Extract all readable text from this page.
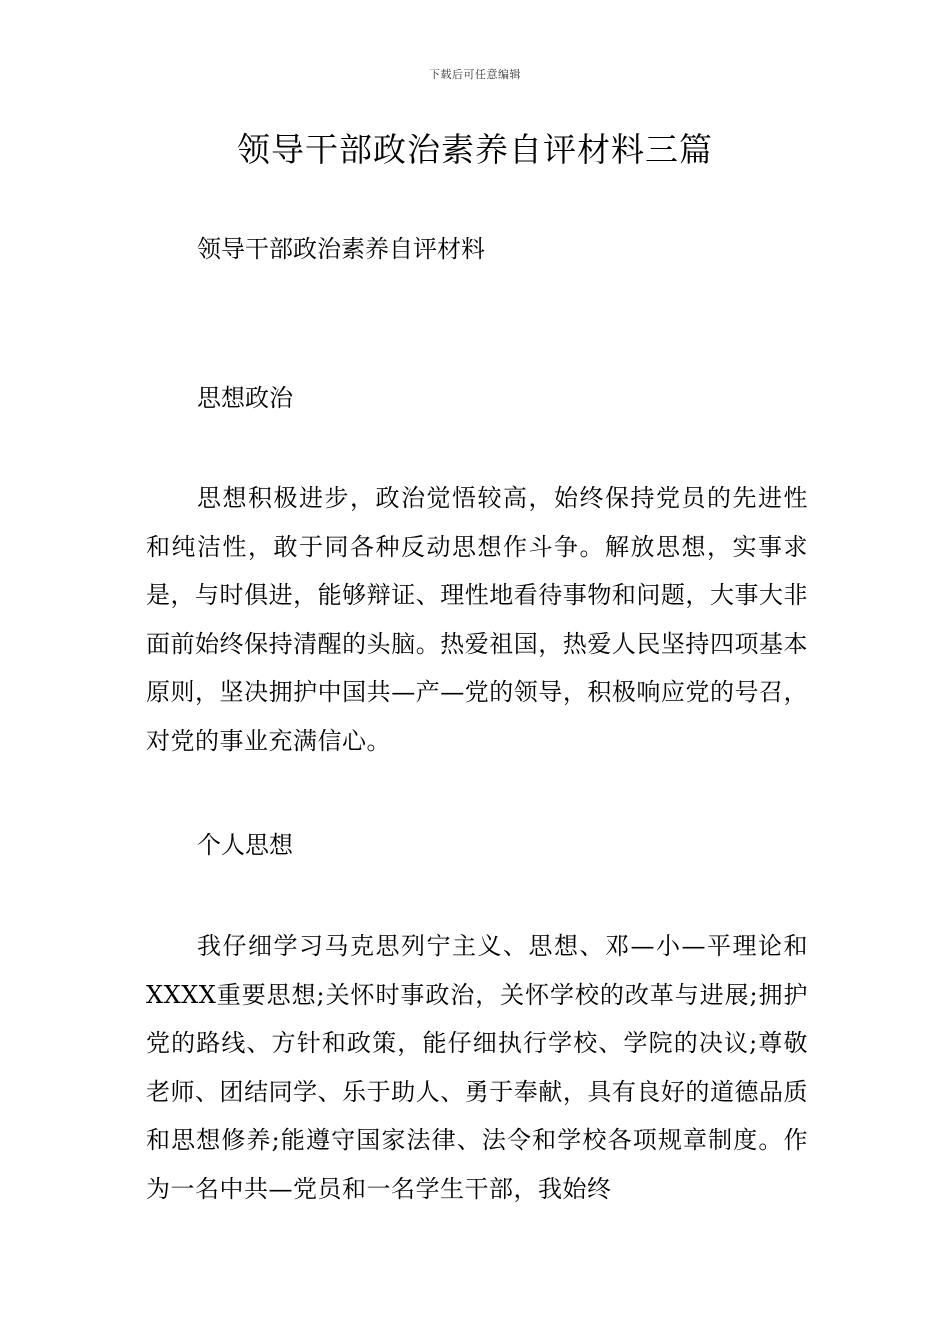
下载后可任意编辑
领导干部政治素养自评材料三篇

领导干部政治素养自评材料

思想政治

思想积极进步，政治觉悟较高，始终保持党员的先进性和纯洁性，敢于同各种反动思想作斗争。解放思想，实事求是，与时俱进，能够辩证、理性地看待事物和问题，大事大非面前始终保持清醒的头脑。热爱祖国，热爱人民坚持四项基本原则，坚决拥护中国共—产—党的领导，积极响应党的号召，对党的事业充满信心。

个人思想

我仔细学习马克思列宁主义、思想、邓—小—平理论和XXXX重要思想;关怀时事政治，关怀学校的改革与进展;拥护党的路线、方针和政策，能仔细执行学校、学院的决议;尊敬老师、团结同学、乐于助人、勇于奉献，具有良好的道德品质和思想修养;能遵守国家法律、法令和学校各项规章制度。作为一名中共—党员和一名学生干部，我始终
